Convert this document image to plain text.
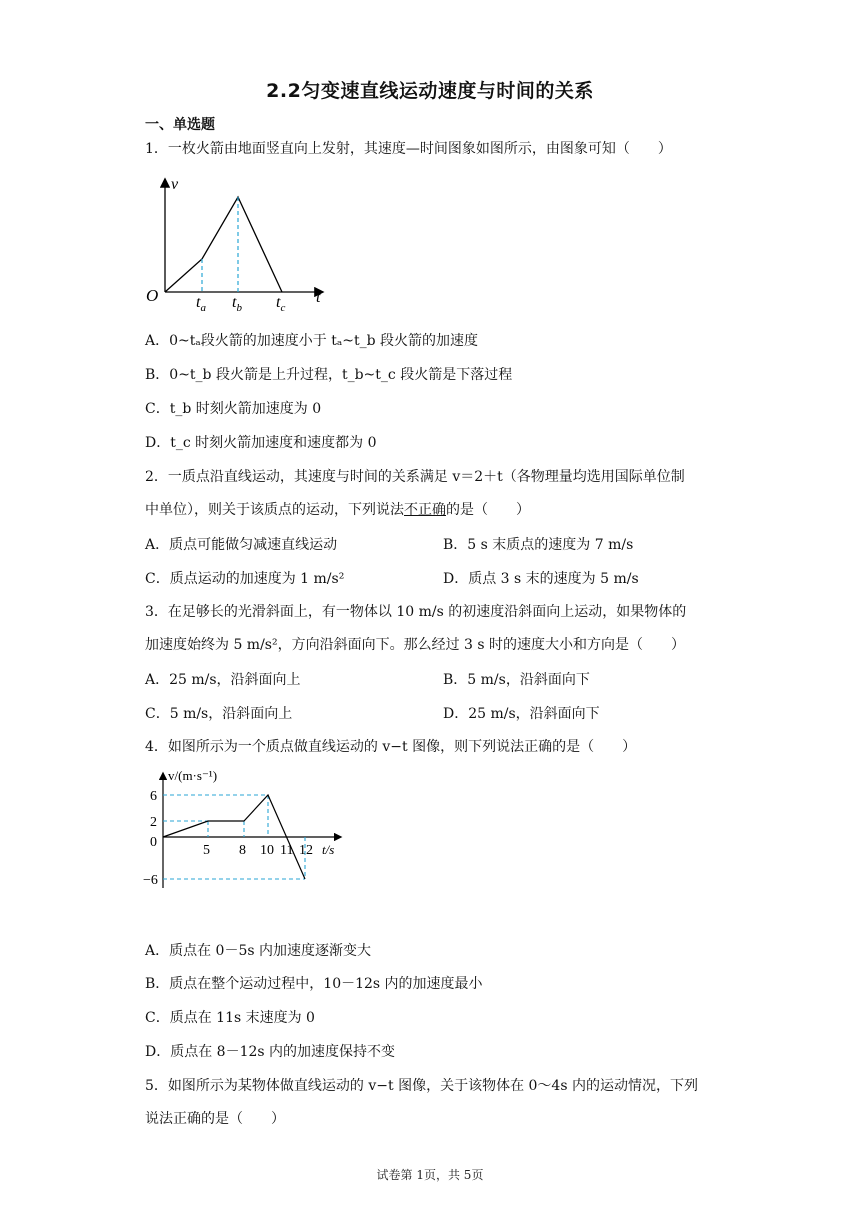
2.2匀变速直线运动速度与时间的关系
一、单选题
1．一枚火箭由地面竖直向上发射，其速度—时间图象如图所示，由图象可知（　　）
v
O	t
$t_a$ $t_b$ $t_c$
A．0~tₐ段火箭的加速度小于 tₐ~t_b 段火箭的加速度
B．0~t_b 段火箭是上升过程，t_b~t_c 段火箭是下落过程
C．t_b 时刻火箭加速度为 0
D．t_c 时刻火箭加速度和速度都为 0
2．一质点沿直线运动，其速度与时间的关系满足 v＝2＋t（各物理量均选用国际单位制
中单位），则关于该质点的运动，下列说法不正确的是（　　）
A．质点可能做匀减速直线运动	B．5 s 末质点的速度为 7 m/s
C．质点运动的加速度为 1 m/s²	D．质点 3 s 末的速度为 5 m/s
3．在足够长的光滑斜面上，有一物体以 10 m/s 的初速度沿斜面向上运动，如果物体的
加速度始终为 5 m/s²，方向沿斜面向下。那么经过 3 s 时的速度大小和方向是（　　）
A．25 m/s，沿斜面向上	B．5 m/s，沿斜面向下
C．5 m/s，沿斜面向上	D．25 m/s，沿斜面向下
4．如图所示为一个质点做直线运动的 v−t 图像，则下列说法正确的是（　　）
v/(m·s⁻¹)
6
2
0
−6
5 8 10 11 12 t/s
A．质点在 0－5s 内加速度逐渐变大
B．质点在整个运动过程中，10－12s 内的加速度最小
C．质点在 11s 末速度为 0
D．质点在 8－12s 内的加速度保持不变
5．如图所示为某物体做直线运动的 v−t 图像，关于该物体在 0～4s 内的运动情况，下列
说法正确的是（　　）
试卷第 1页，共 5页
